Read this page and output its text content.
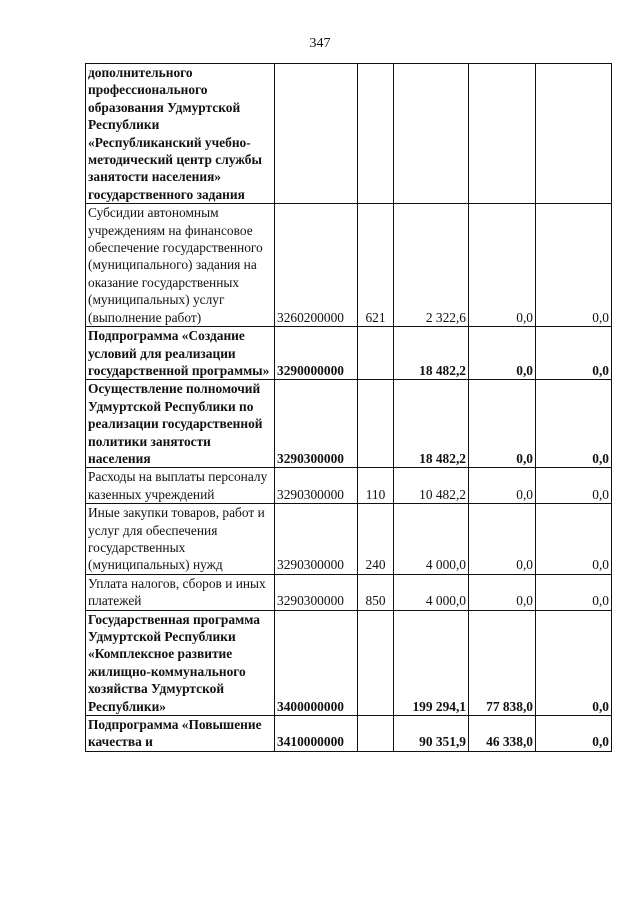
347
дополнительного профессионального образования Удмуртской Республики «Республиканский учебно-методический центр службы занятости населения» государственного задания					
Субсидии автономным учреждениям на финансовое обеспечение государственного (муниципального) задания на оказание государственных (муниципальных) услуг (выполнение работ)	3260200000	621	2 322,6	0,0	0,0
Подпрограмма «Создание условий для реализации государственной программы»	3290000000		18 482,2	0,0	0,0
Осуществление полномочий Удмуртской Республики по реализации государственной политики занятости населения	3290300000		18 482,2	0,0	0,0
Расходы на выплаты персоналу казенных учреждений	3290300000	110	10 482,2	0,0	0,0
Иные закупки товаров, работ и услуг для обеспечения государственных (муниципальных) нужд	3290300000	240	4 000,0	0,0	0,0
Уплата налогов, сборов и иных платежей	3290300000	850	4 000,0	0,0	0,0
Государственная программа Удмуртской Республики «Комплексное развитие жилищно-коммунального хозяйства Удмуртской Республики»	3400000000		199 294,1	77 838,0	0,0
Подпрограмма «Повышение качества и	3410000000		90 351,9	46 338,0	0,0
